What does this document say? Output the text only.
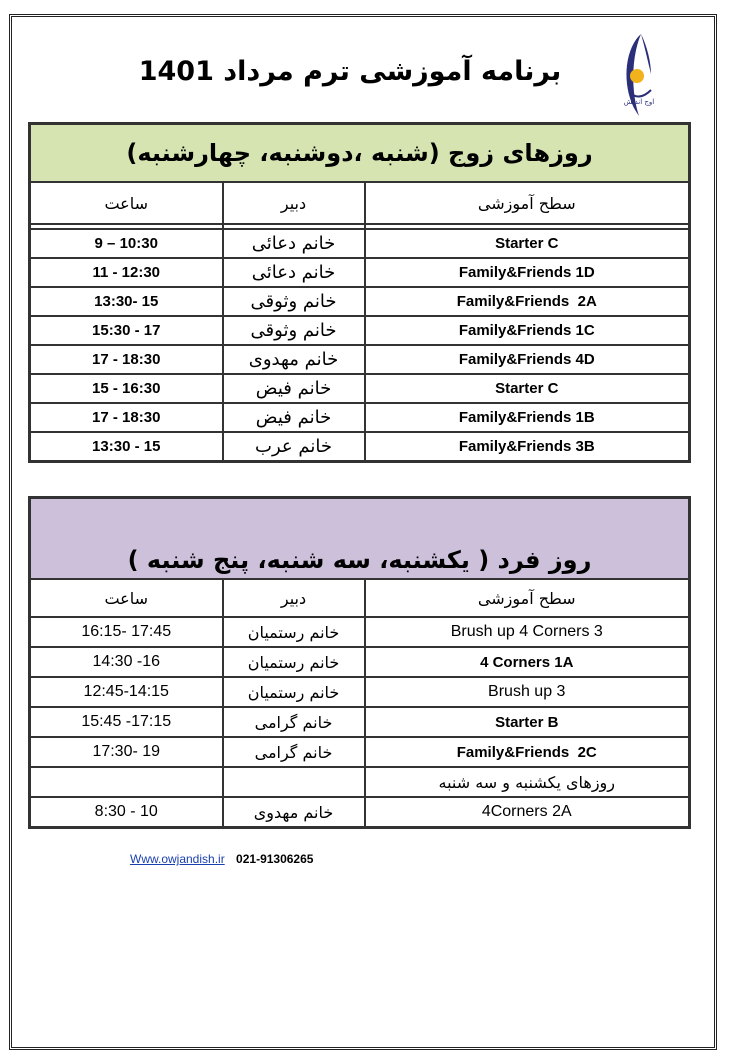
برنامه آموزشی ترم مرداد 1401
اوج اندیش
روزهای زوج (شنبه ،دوشنبه، چهارشنبه)		
ساعت	دبیر	سطح آموزشی

9 – 10:30	خانم دعائی	Starter C
11 - 12:30	خانم دعائی	Family&Friends 1D
13:30- 15	خانم وثوقی	Family&Friends  2A
15:30 - 17	خانم وثوقی	Family&Friends 1C
17 - 18:30	خانم مهدوی	Family&Friends 4D
15 - 16:30	خانم فیض	Starter C
17 - 18:30	خانم فیض	Family&Friends 1B
13:30 - 15	خانم عرب	Family&Friends 3B
روز فرد ( یکشنبه، سه شنبه، پنج شنبه )		
ساعت	دبیر	سطح آموزشی
16:15- 17:45	خانم رستمیان	Brush up 4 Corners 3
14:30 -16	خانم رستمیان	4 Corners 1A
12:45-14:15	خانم رستمیان	Brush up 3
15:45 -17:15	خانم گرامی	Starter B
17:30- 19	خانم گرامی	Family&Friends  2C
		روزهای یکشنبه و سه شنبه
8:30 - 10	خانم مهدوی	4Corners 2A
Www.owjandish.ir 021-91306265
